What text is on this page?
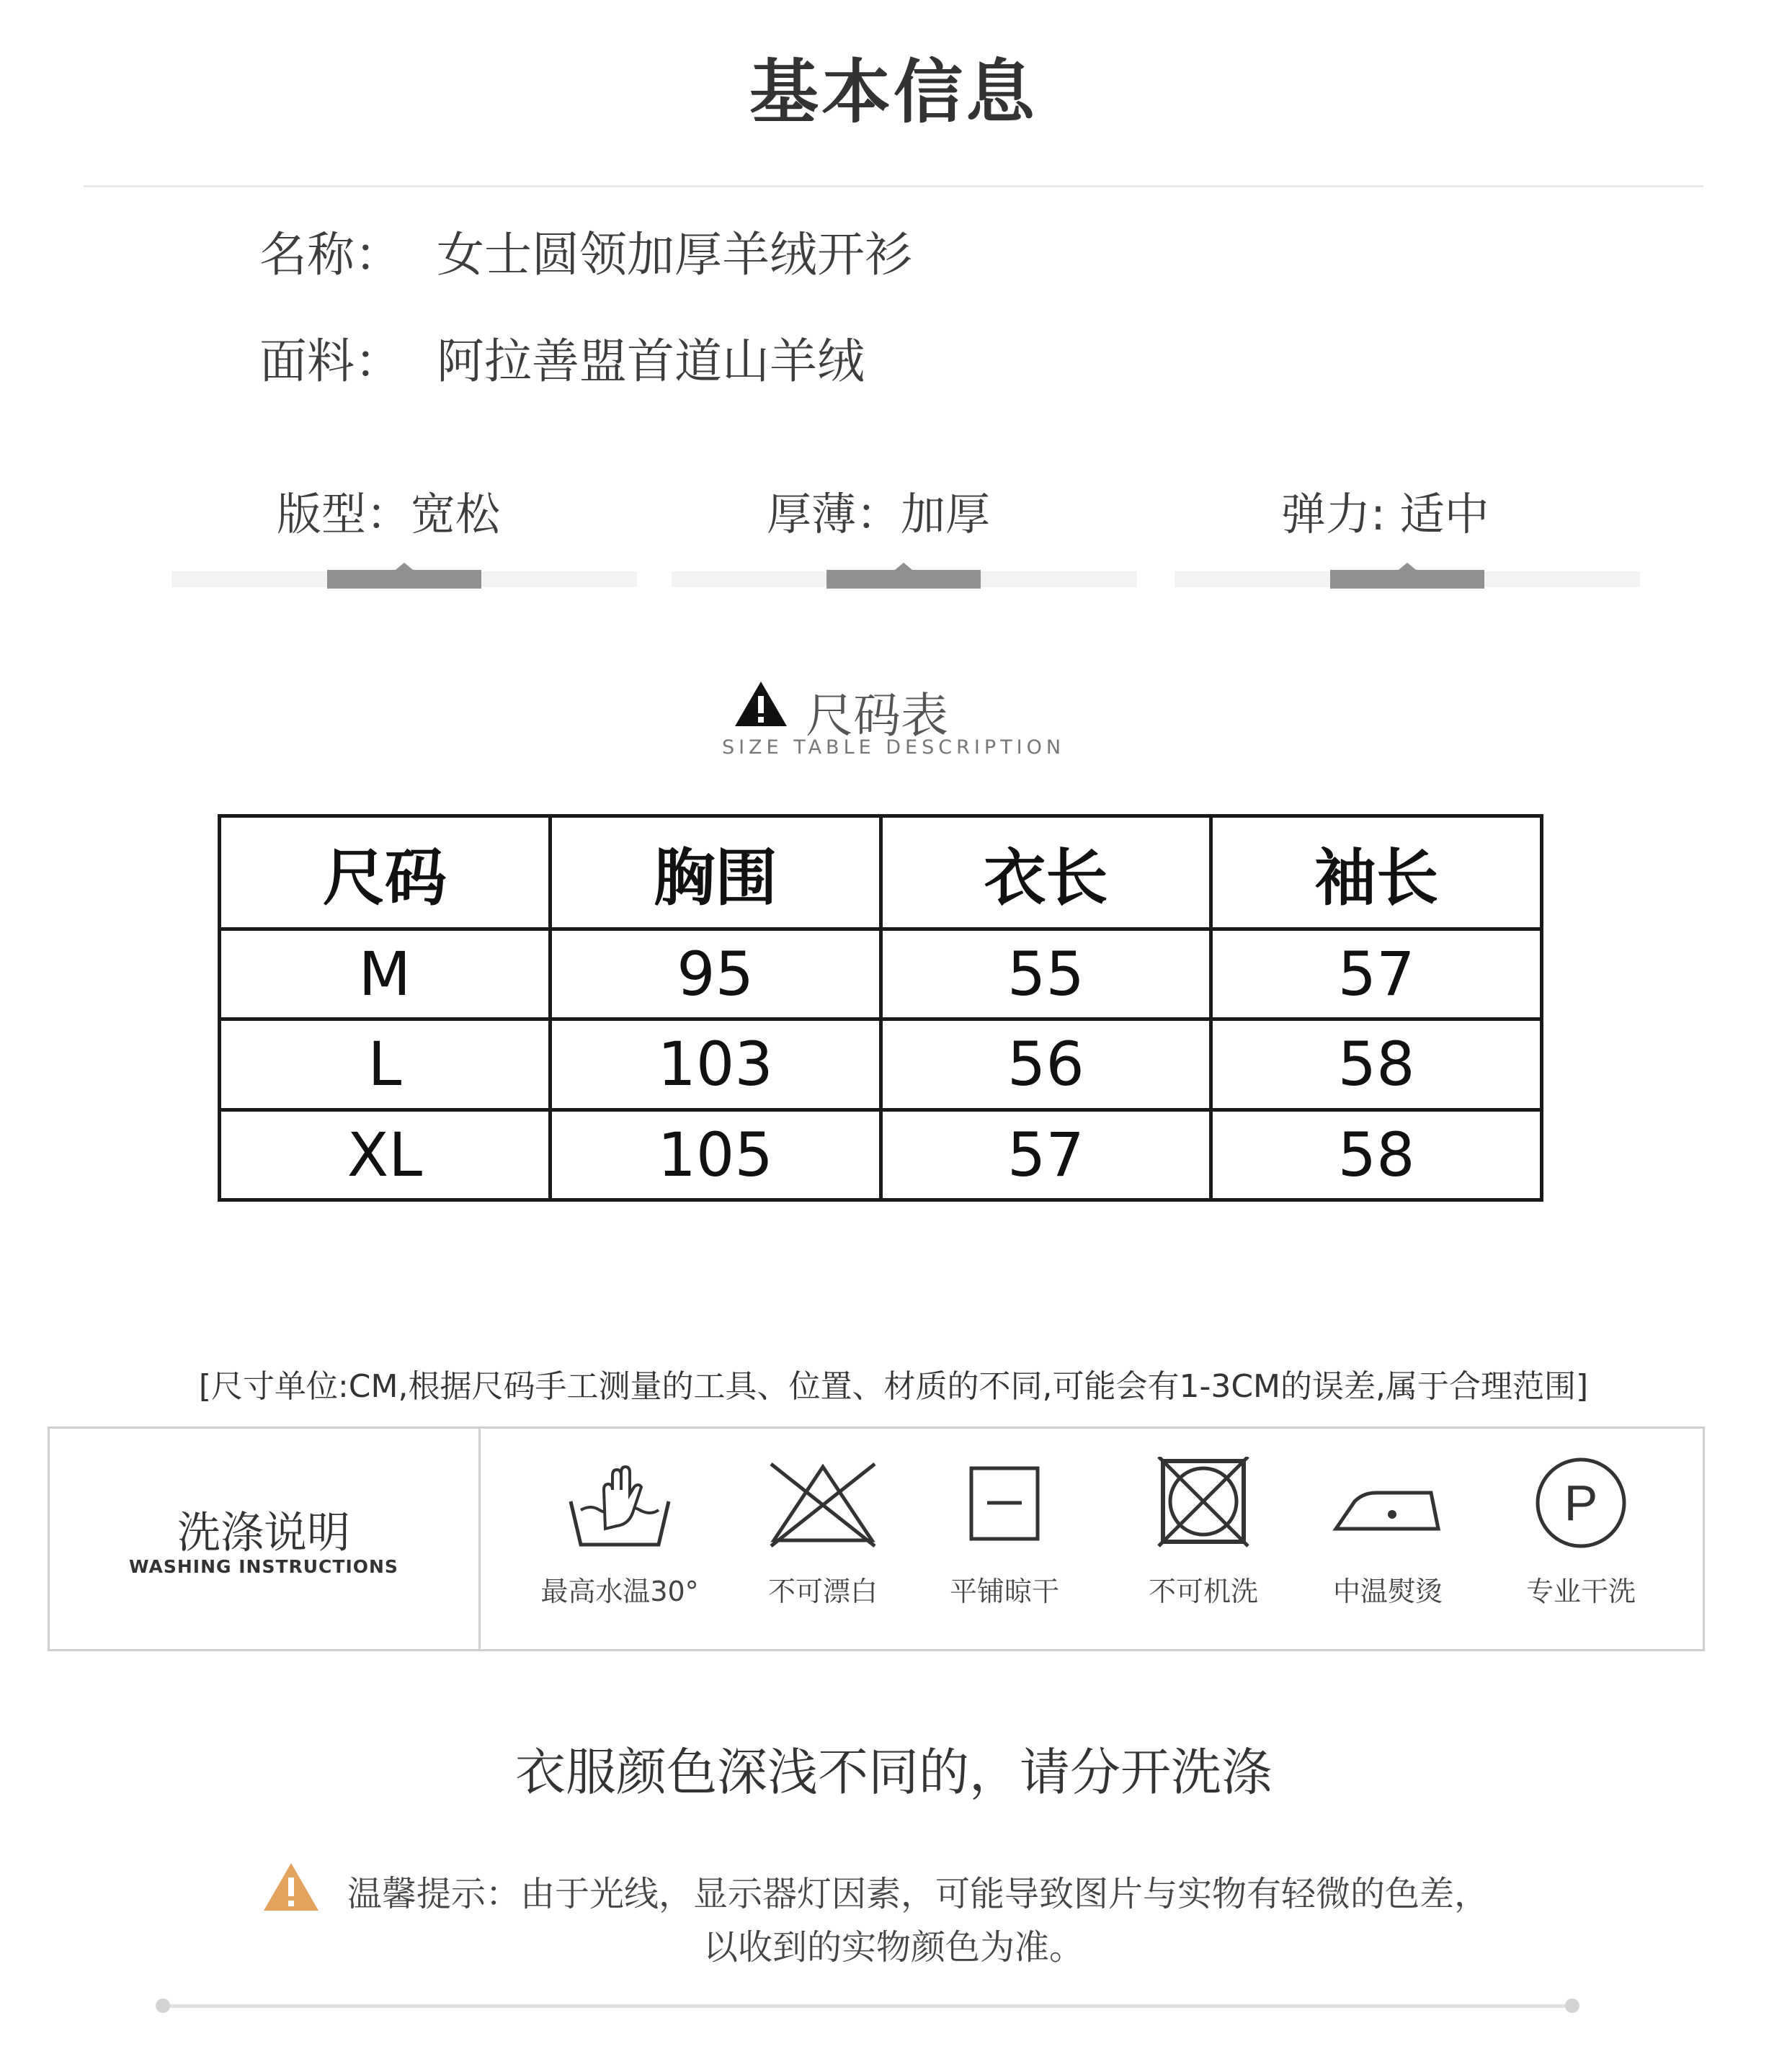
基本信息
名称： 女士圆领加厚羊绒开衫
面料： 阿拉善盟首道山羊绒
版型：宽松	厚薄：加厚	弹力: 适中
尺码表
SIZE TABLE DESCRIPTION
尺码	胸围	衣长	袖长
M	95	55	57
L	103	56	58
XL	105	57	58
[尺寸单位:CM,根据尺码手工测量的工具、位置、材质的不同,可能会有1-3CM的误差,属于合理范围]
洗涤说明
WASHING INSTRUCTIONS
最高水温30°	不可漂白	平铺晾干	不可机洗	中温熨烫
P
专业干洗
衣服颜色深浅不同的，请分开洗涤
温馨提示：由于光线，显示器灯因素，可能导致图片与实物有轻微的色差，
以收到的实物颜色为准。
